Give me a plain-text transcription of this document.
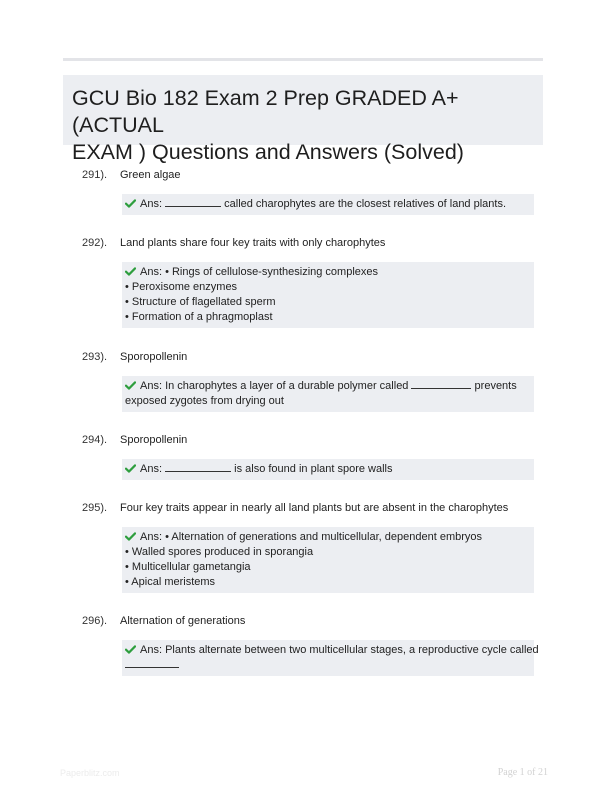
GCU Bio 182 Exam 2 Prep GRADED A+ (ACTUAL
EXAM ) Questions and Answers (Solved)
291). Green algae
Ans:	called charophytes are the closest relatives of land plants.
292). Land plants share four key traits with only charophytes
Ans: • Rings of cellulose-synthesizing complexes
• Peroxisome enzymes
• Structure of flagellated sperm
• Formation of a phragmoplast
293). Sporopollenin
Ans: In charophytes a layer of a durable polymer called	prevents
exposed zygotes from drying out
294). Sporopollenin
Ans:	is also found in plant spore walls
295). Four key traits appear in nearly all land plants but are absent in the charophytes
Ans: • Alternation of generations and multicellular, dependent embryos
• Walled spores produced in sporangia
• Multicellular gametangia
• Apical meristems
296). Alternation of generations
Ans: Plants alternate between two multicellular stages, a reproductive cycle called
Paperblitz.com	Page 1 of 21
